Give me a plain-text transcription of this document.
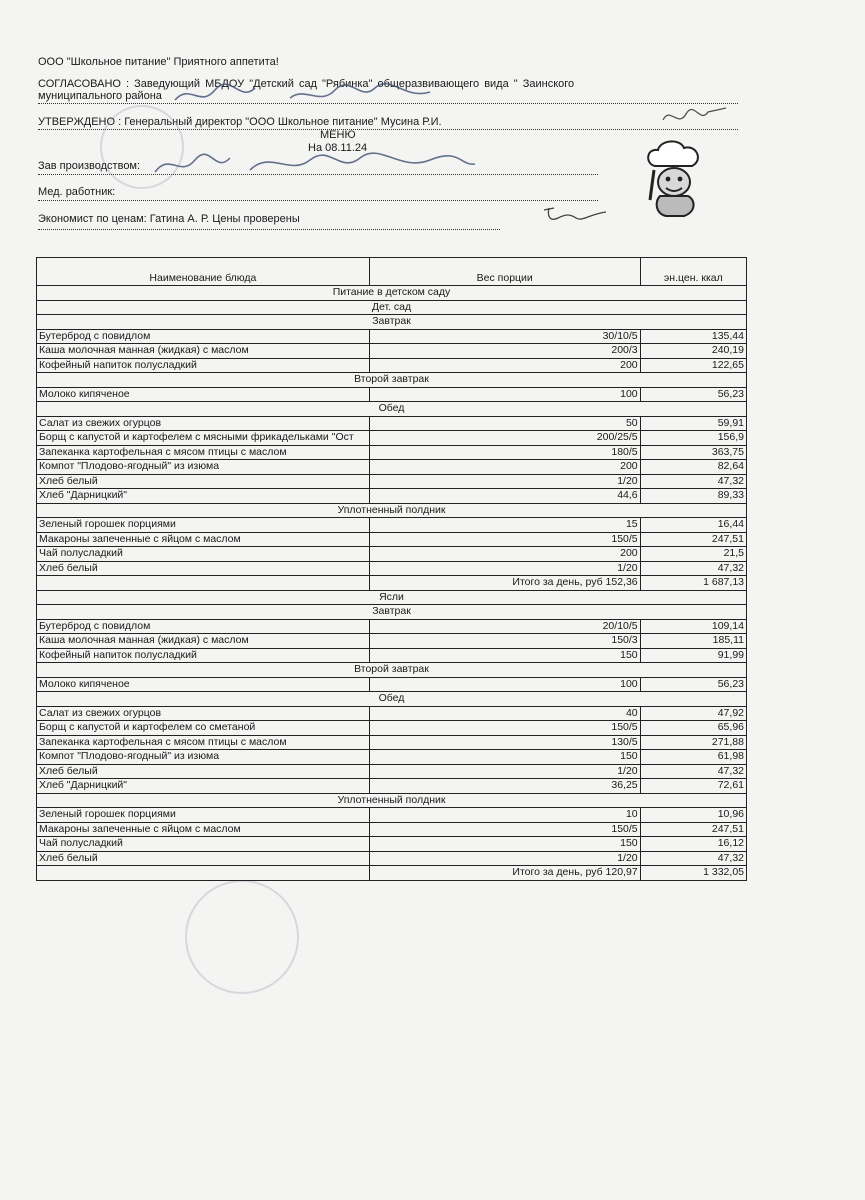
ООО "Школьное питание" Приятного аппетита!
СОГЛАСОВАНО : Заведующий МБДОУ "Детский сад "Рябинка" общеразвивающего вида " Заинского
муниципального района
УТВЕРЖДЕНО : Генеральный директор "ООО Школьное питание" Мусина Р.И.
МЕНЮ
На 08.11.24
Зав производством:
Мед. работник:
Экономист по ценам: Гатина А. Р. Цены проверены
Наименование блюда	Вес порции	эн.цен. ккал
Питание в детском саду		
Дет. сад		
Завтрак		
Бутерброд с повидлом	30/10/5	135,44
Каша молочная манная (жидкая) с маслом	200/3	240,19
Кофейный напиток полусладкий	200	122,65
Второй завтрак		
Молоко кипяченое	100	56,23
Обед		
Салат из свежих огурцов	50	59,91
Борщ с капустой и картофелем с мясными фрикадельками "Ост	200/25/5	156,9
Запеканка картофельная с мясом птицы с маслом	180/5	363,75
Компот "Плодово-ягодный" из изюма	200	82,64
Хлеб белый	1/20	47,32
Хлеб "Дарницкий"	44,6	89,33
Уплотненный полдник		
Зеленый горошек порциями	15	16,44
Макароны запеченные с яйцом с маслом	150/5	247,51
Чай полусладкий	200	21,5
Хлеб белый	1/20	47,32
	Итого за день, руб 152,36	1 687,13
Ясли		
Завтрак		
Бутерброд с повидлом	20/10/5	109,14
Каша молочная манная (жидкая) с маслом	150/3	185,11
Кофейный напиток полусладкий	150	91,99
Второй завтрак		
Молоко кипяченое	100	56,23
Обед		
Салат из свежих огурцов	40	47,92
Борщ с капустой и картофелем со сметаной	150/5	65,96
Запеканка картофельная с мясом птицы с маслом	130/5	271,88
Компот "Плодово-ягодный" из изюма	150	61,98
Хлеб белый	1/20	47,32
Хлеб "Дарницкий"	36,25	72,61
Уплотненный полдник		
Зеленый горошек порциями	10	10,96
Макароны запеченные с яйцом с маслом	150/5	247,51
Чай полусладкий	150	16,12
Хлеб белый	1/20	47,32
	Итого за день, руб 120,97	1 332,05
